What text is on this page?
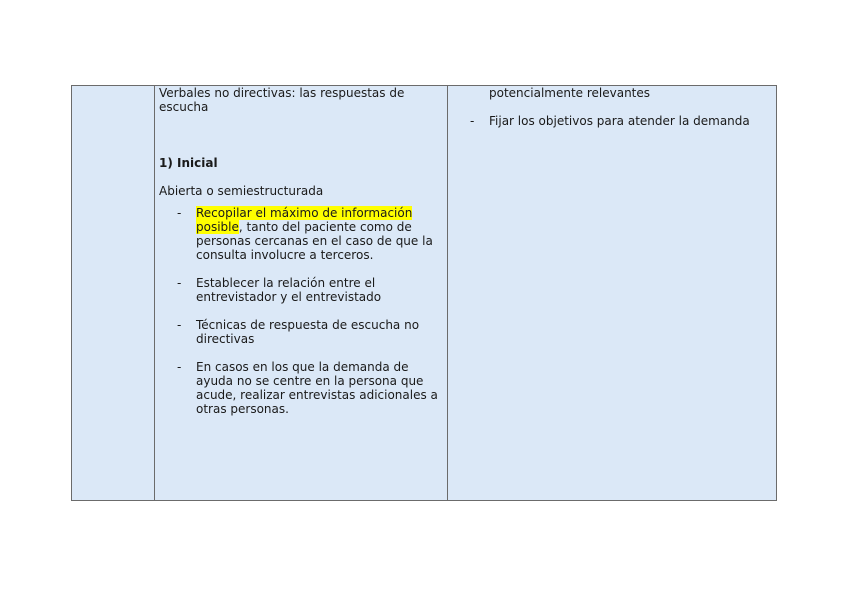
Verbales no directivas: las respuestas de escucha

1) Inicial

Abierta o semiestructurada

- Recopilar el máximo de información posible, tanto del paciente como de personas cercanas en el caso de que la consulta involucre a terceros.
- Establecer la relación entre el entrevistador y el entrevistado
- Técnicas de respuesta de escucha no directivas
- En casos en los que la demanda de ayuda no se centre en la persona que acude, realizar entrevistas adicionales a otras personas.

potencialmente relevantes

- Fijar los objetivos para atender la demanda
